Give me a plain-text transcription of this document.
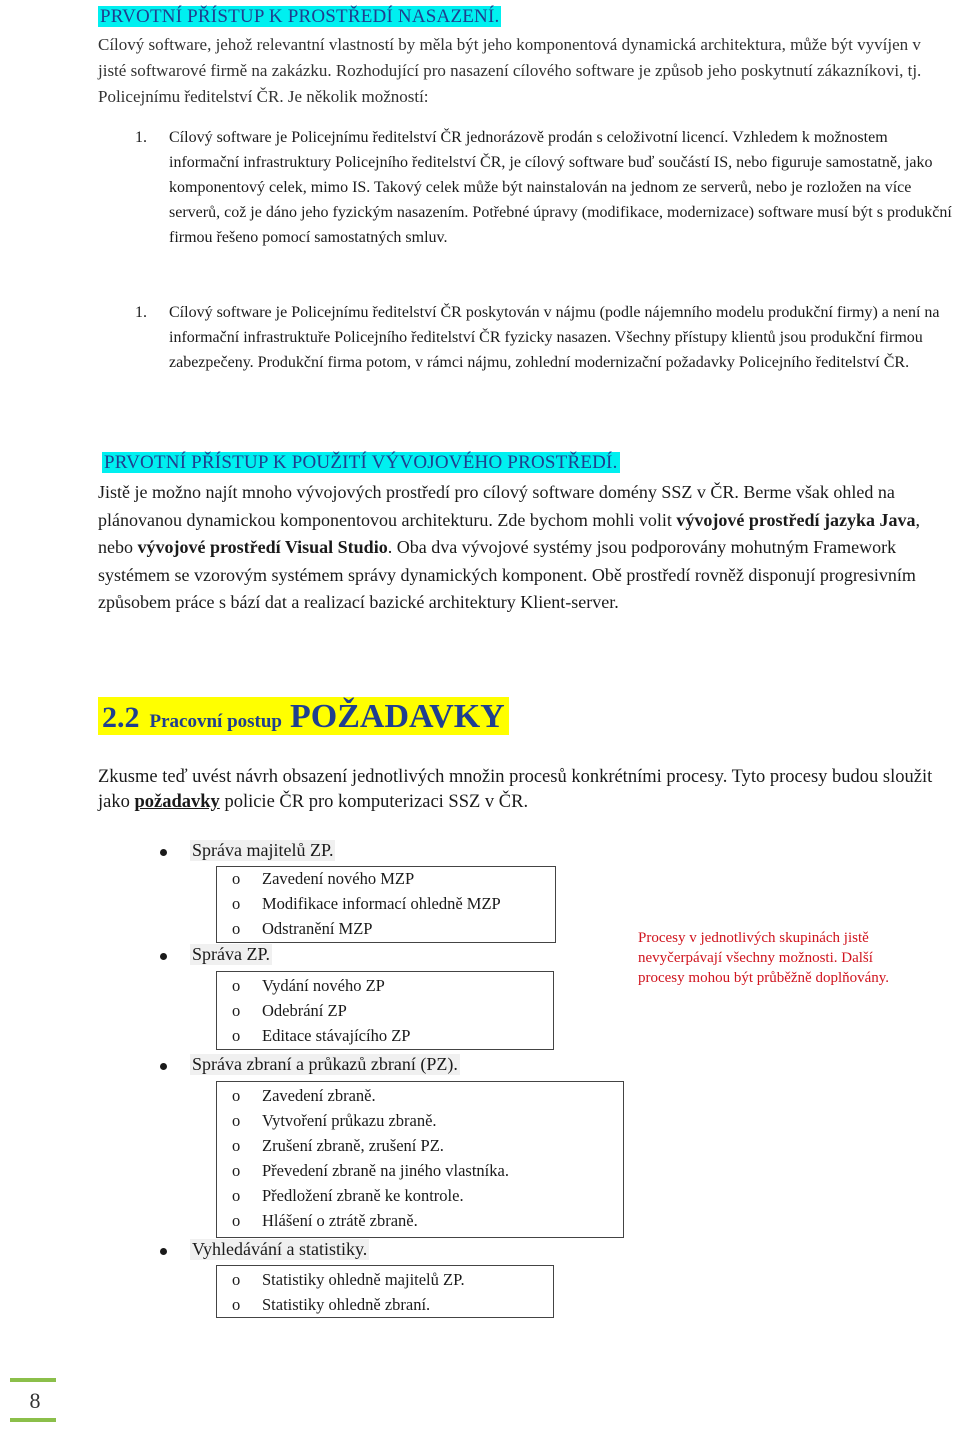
PRVOTNÍ PŘÍSTUP K PROSTŘEDÍ NASAZENÍ.

Cílový software, jehož relevantní vlastností by měla být jeho komponentová dynamická architektura, může být vyvíjen v jisté softwarové firmě na zakázku. Rozhodující pro nasazení cílového software je způsob jeho poskytnutí zákazníkovi, tj. Policejnímu ředitelství ČR. Je několik možností:

1. Cílový software je Policejnímu ředitelství ČR jednorázově prodán s celoživotní licencí. Vzhledem k možnostem informační infrastruktury Policejního ředitelství ČR, je cílový software buď součástí IS, nebo figuruje samostatně, jako komponentový celek, mimo IS. Takový celek může být nainstalován na jednom ze serverů, nebo je rozložen na více serverů, což je dáno jeho fyzickým nasazením. Potřebné úpravy (modifikace, modernizace) software musí být s produkční firmou řešeno pomocí samostatných smluv.
1. Cílový software je Policejnímu ředitelství ČR poskytován v nájmu (podle nájemního modelu produkční firmy) a není na informační infrastruktuře Policejního ředitelství ČR fyzicky nasazen. Všechny přístupy klientů jsou produkční firmou zabezpečeny. Produkční firma potom, v rámci nájmu, zohlední modernizační požadavky Policejního ředitelství ČR.
PRVOTNÍ PŘÍSTUP K POUŽITÍ VÝVOJOVÉHO PROSTŘEDÍ.
Jistě je možno najít mnoho vývojových prostředí pro cílový software domény SSZ v ČR. Berme však ohled na plánovanou dynamickou komponentovou architekturu. Zde bychom mohli volit vývojové prostředí jazyka Java, nebo vývojové prostředí Visual Studio. Oba dva vývojové systémy jsou podporovány mohutným Framework systémem se vzorovým systémem správy dynamických komponent. Obě prostředí rovněž disponují progresivním způsobem práce s bází dat a realizací bazické architektury Klient-server.
2.2 Pracovní postup POŽADAVKY
Zkusme teď uvést návrh obsazení jednotlivých množin procesů konkrétními procesy. Tyto procesy budou sloužit jako požadavky policie ČR pro komputerizaci SSZ v ČR.
Správa majitelů ZP.
o Zavedení nového MZP
o Modifikace informací ohledně MZP
o Odstranění MZP
Správa ZP.
o Vydání nového ZP
o Odebrání ZP
o Editace stávajícího ZP
Správa zbraní a průkazů zbraní (PZ).
o Zavedení zbraně.
o Vytvoření průkazu zbraně.
o Zrušení zbraně, zrušení PZ.
o Převedení zbraně na jiného vlastníka.
o Předložení zbraně ke kontrole.
o Hlášení o ztrátě zbraně.
Vyhledávání a statistiky.
o Statistiky ohledně majitelů ZP.
o Statistiky ohledně zbraní.
Procesy v jednotlivých skupinách jistě nevyčerpávají všechny možnosti. Další procesy mohou být průběžně doplňovány.
8
